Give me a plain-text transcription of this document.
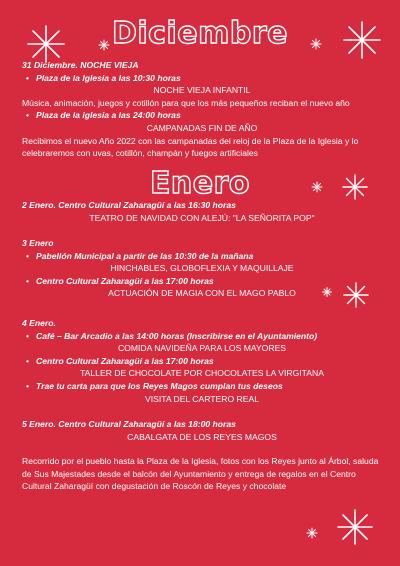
Diciembre
Enero
31 Diciembre. NOCHE VIEJA
• Plaza de la Iglesia a las 10:30 horas
NOCHE VIEJA INFANTIL
Música, animación, juegos y cotillón para que los más pequeños reciban el nuevo año
• Plaza de la iglesia a las 24:00 horas
CAMPANADAS FIN DE AÑO
Recibimos el nuevo Año 2022 con las campanadas del reloj de la Plaza de la Iglesia y lo celebraremos con uvas, cotillón, champán y fuegos artificiales
2 Enero. Centro Cultural Zaharagüí a las 16:30 horas
TEATRO DE NAVIDAD CON ALEJÚ: "LA SEÑORITA POP"
3 Enero
• Pabellón Municipal a partir de las 10:30 de la mañana
HINCHABLES, GLOBOFLEXIA Y MAQUILLAJE
• Centro Cultural Zaharagüí a las 17:00 horas
ACTUACIÓN DE MAGIA CON EL MAGO PABLO
4 Enero.
• Café – Bar Arcadio a las 14:00 horas (Inscribirse en el Ayuntamiento)
COMIDA NAVIDEÑA PARA LOS MAYORES
• Centro Cultural Zaharagüí a las 17:00 horas
TALLER DE CHOCOLATE POR CHOCOLATES LA VIRGITANA
• Trae tu carta para que los Reyes Magos cumplan tus deseos
VISITA DEL CARTERO REAL
5 Enero. Centro Cultural Zaharagüí a las 18:00 horas
CABALGATA DE LOS REYES MAGOS
Recorrido por el pueblo hasta la Plaza de la Iglesia, fotos con los Reyes junto al Árbol, saluda de Sus Majestades desde el balcón del Ayuntamiento y entrega de regalos en el Centro Cultural Zaharagüí con degustación de Roscón de Reyes y chocolate
